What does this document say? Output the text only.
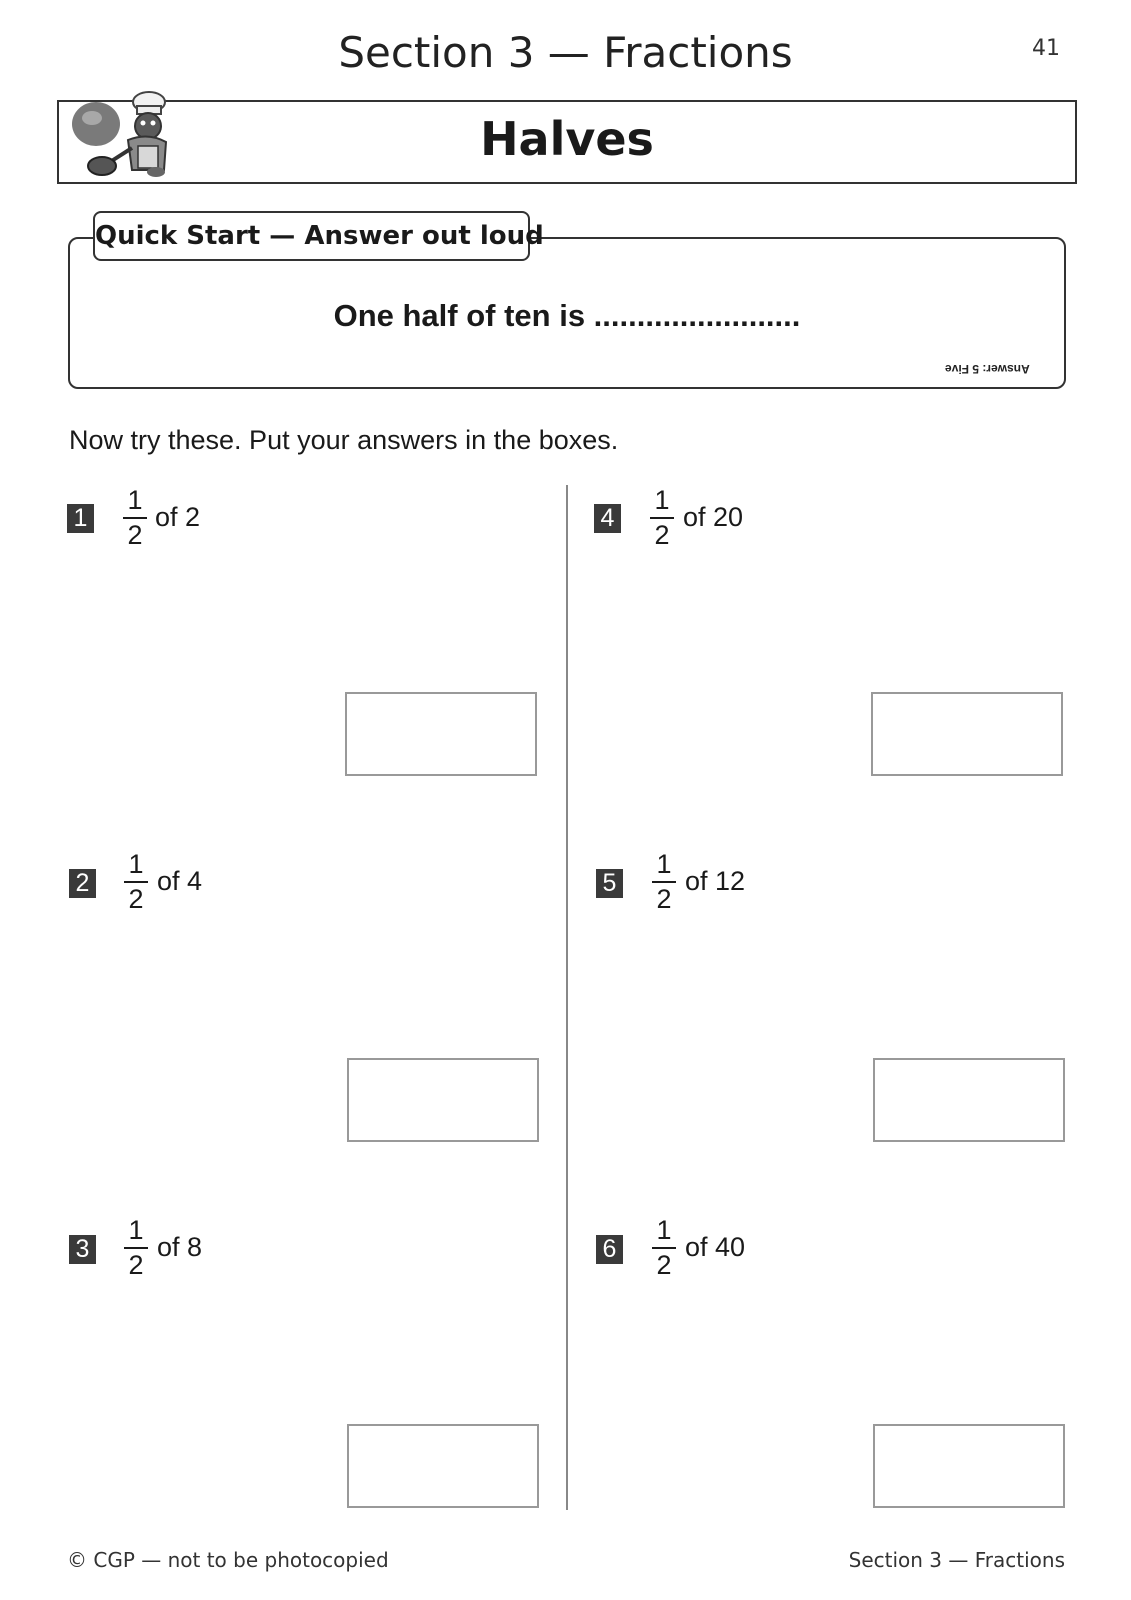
Section 3 — Fractions	41
Halves
Quick Start — Answer out loud
One half of ten is ........................
Answer: 5 Five
Now try these. Put your answers in the boxes.
1
1
2
of 2
2
1
2
of 4
3
1
2
of 8
4
1
2
of 20
5
1
2
of 12
6
1
2
of 40
© CGP — not to be photocopied	Section 3 — Fractions
